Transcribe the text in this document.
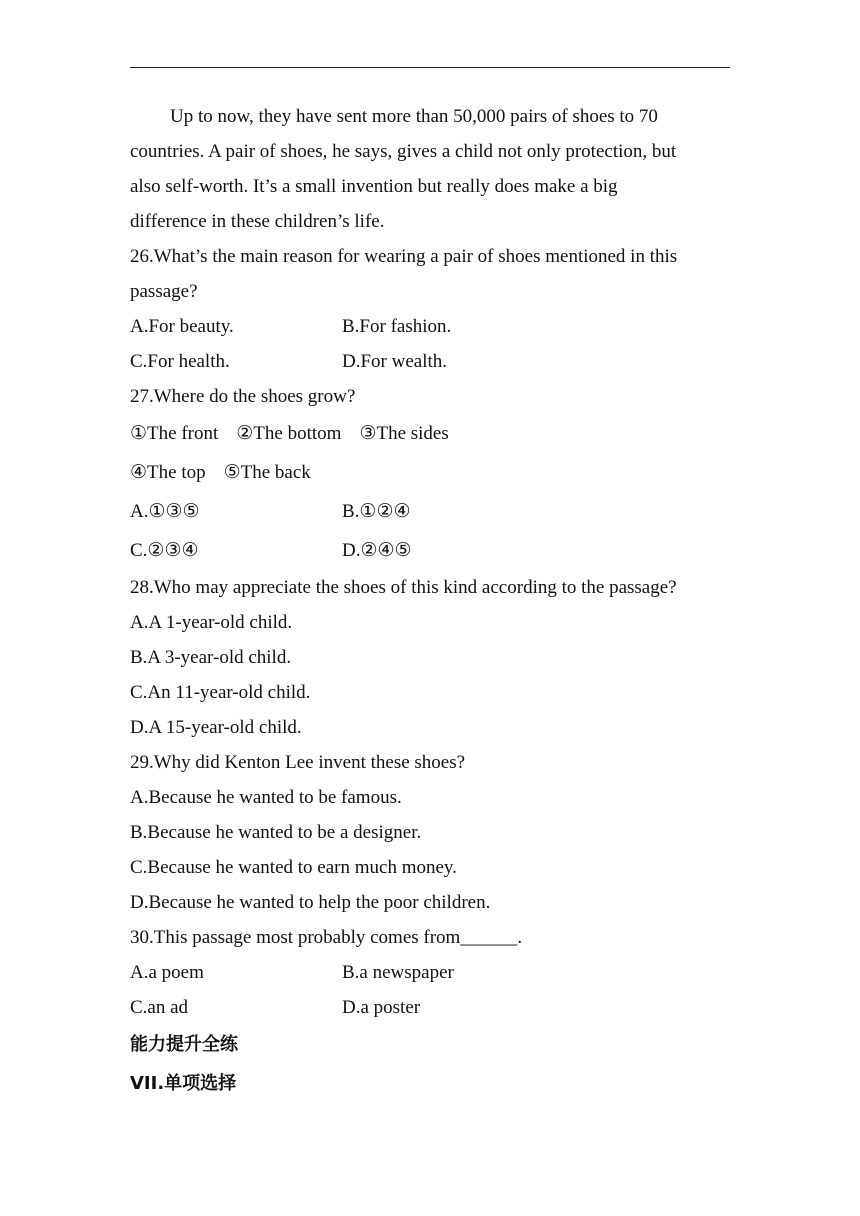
Up to now, they have sent more than 50,000 pairs of shoes to 70
countries. A pair of shoes, he says, gives a child not only protection, but
also self-worth. It’s a small invention but really does make a big
difference in these children’s life.
26.What’s the main reason for wearing a pair of shoes mentioned in this
passage?
A.For beauty.	B.For fashion.
C.For health.	D.For wealth.
27.Where do the shoes grow?
①The front ②The bottom ③The sides
④The top ⑤The back
A.①③⑤	B.①②④
C.②③④	D.②④⑤
28.Who may appreciate the shoes of this kind according to the passage?
A.A 1-year-old child.
B.A 3-year-old child.
C.An 11-year-old child.
D.A 15-year-old child.
29.Why did Kenton Lee invent these shoes?
A.Because he wanted to be famous.
B.Because he wanted to be a designer.
C.Because he wanted to earn much money.
D.Because he wanted to help the poor children.
30.This passage most probably comes from______.
A.a poem	B.a newspaper
C.an ad	D.a poster
能力提升全练
VII.单项选择
